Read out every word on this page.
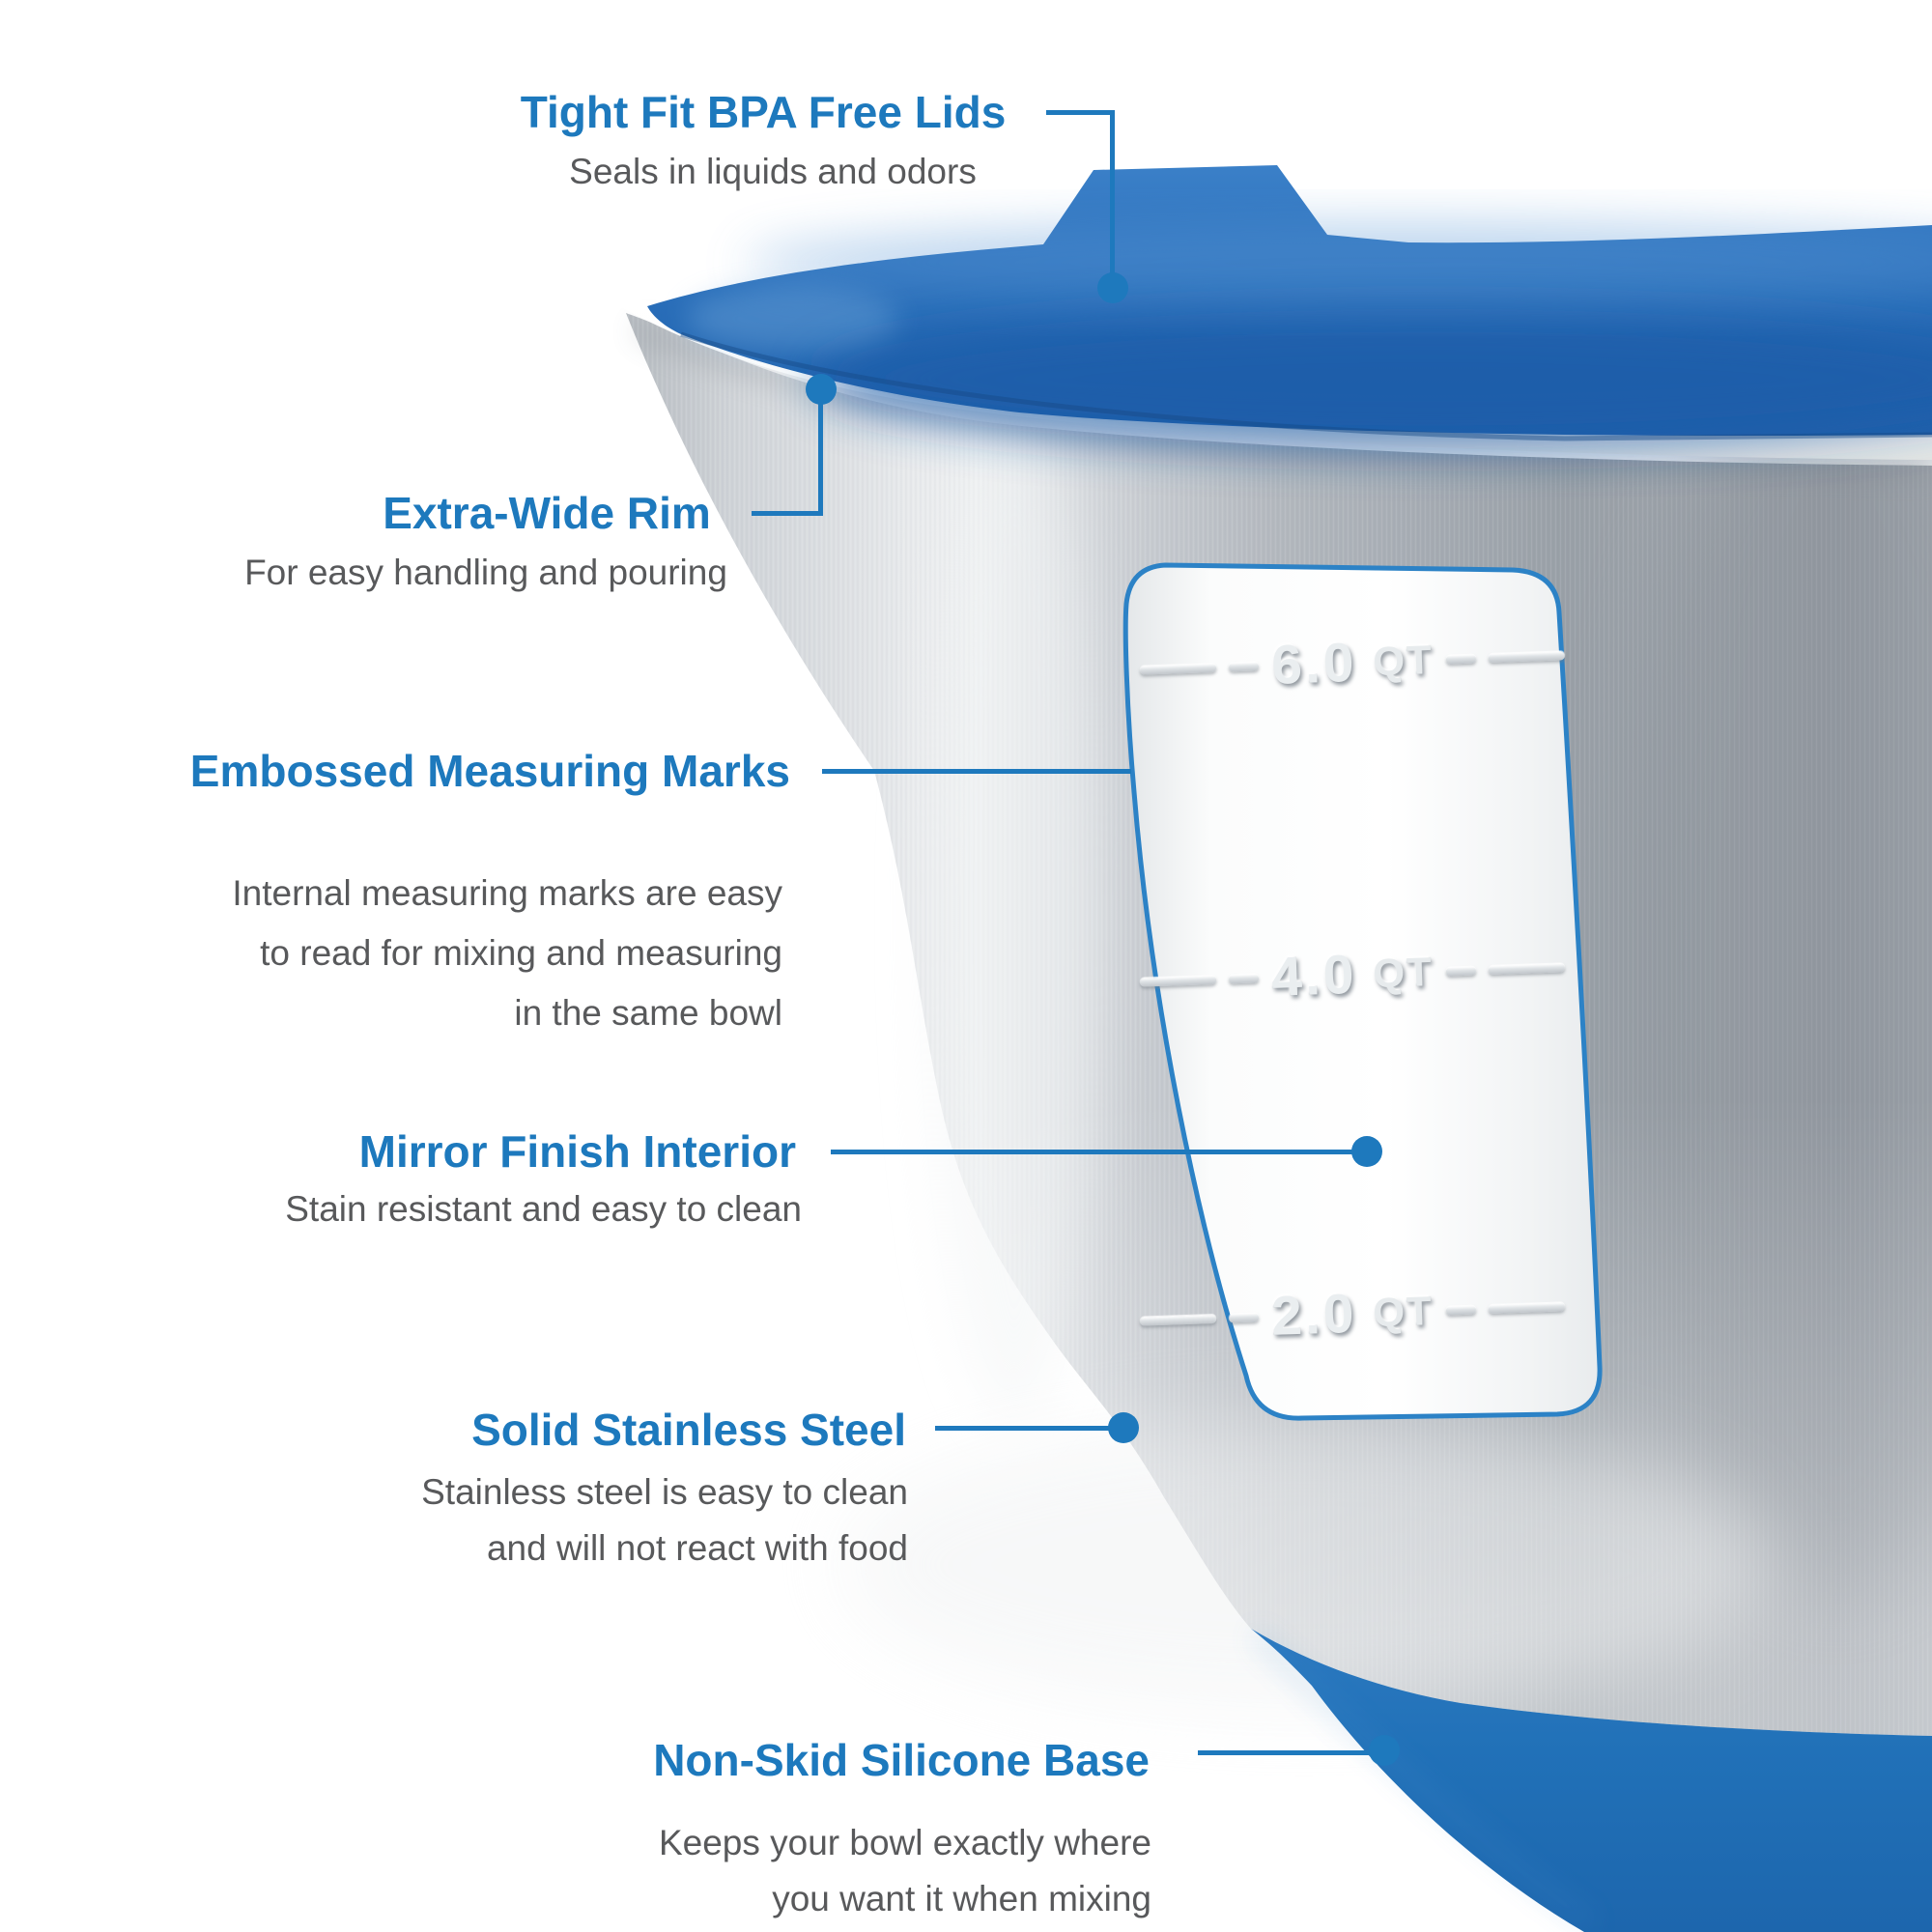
6.0 QT
4.0 QT
2.0 QT
Tight Fit BPA Free Lids
Seals in liquids and odors
Extra-Wide Rim
For easy handling and pouring
Embossed Measuring Marks
Internal measuring marks are easy
to read for mixing and measuring
in the same bowl
Mirror Finish Interior
Stain resistant and easy to clean
Solid Stainless Steel
Stainless steel is easy to clean
and will not react with food
Non-Skid Silicone Base
Keeps your bowl exactly where
you want it when mixing
